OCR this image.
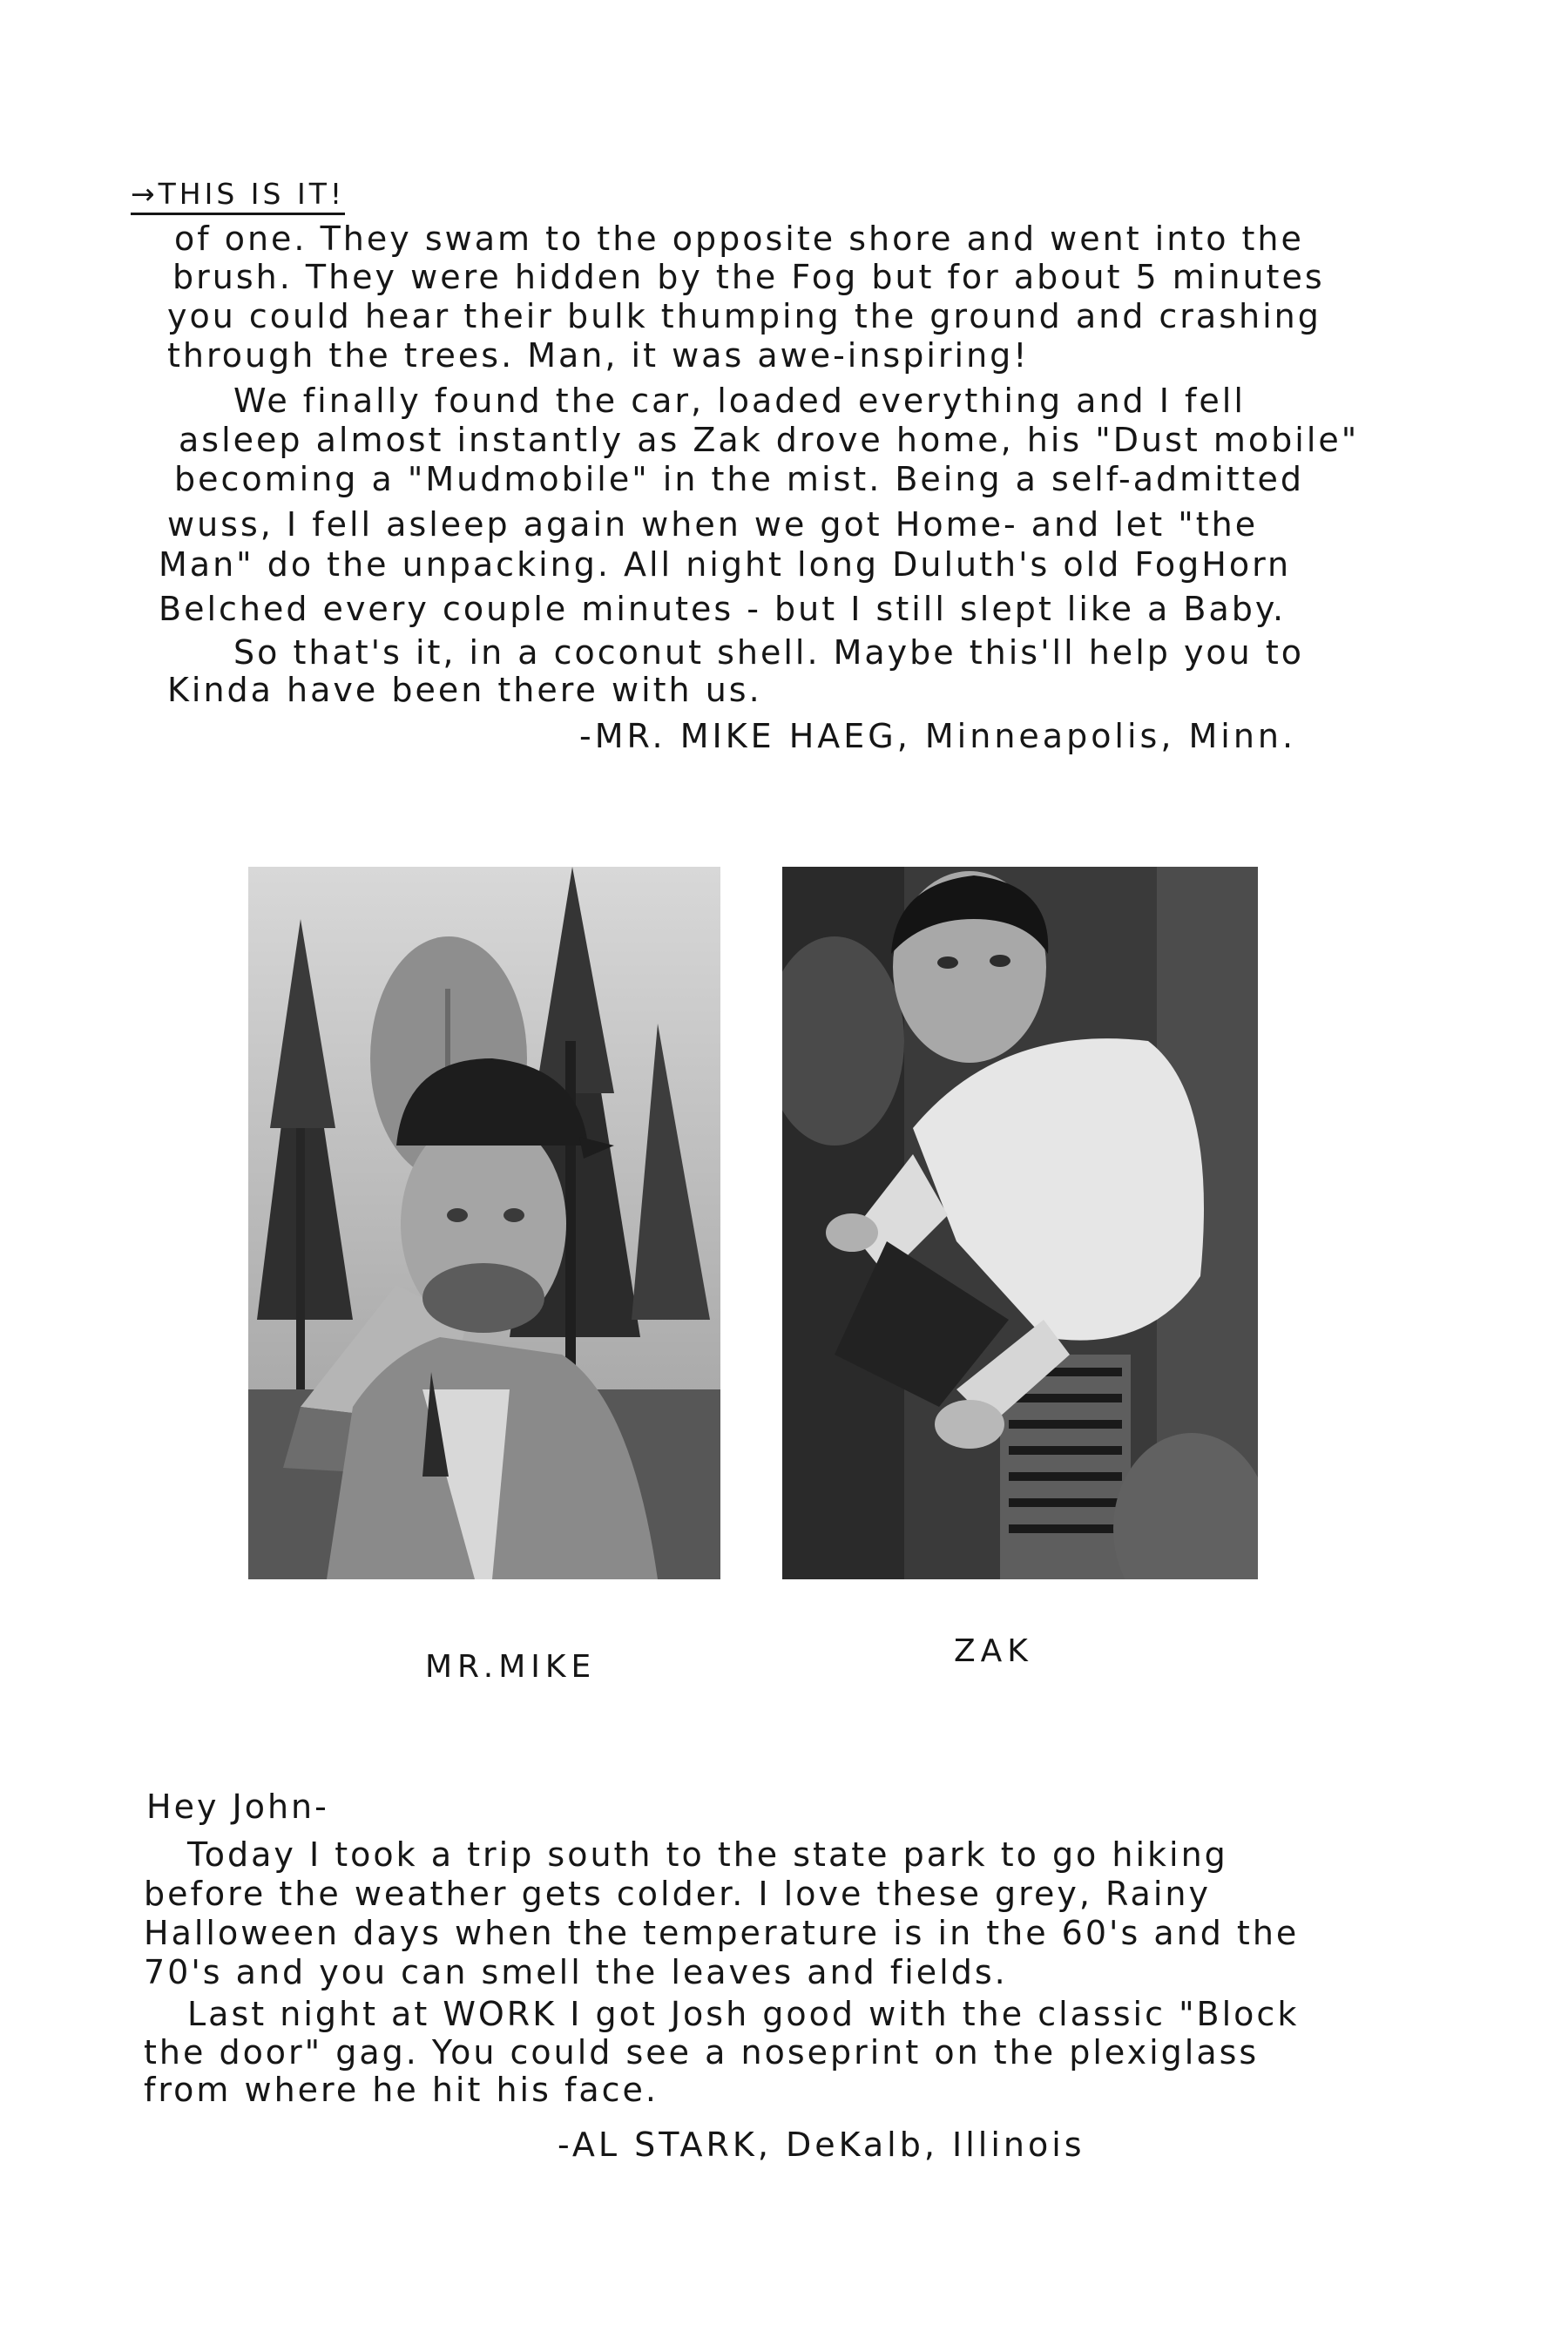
→THIS IS IT!
of one. They swam to the opposite shore and went into the
brush. They were hidden by the Fog but for about 5 minutes
you could hear their bulk thumping the ground and crashing
through the trees. Man, it was awe-inspiring!
We finally found the car, loaded everything and I fell
asleep almost instantly as Zak drove home, his "Dust mobile"
becoming a "Mudmobile" in the mist. Being a self-admitted
wuss, I fell asleep again when we got Home- and let "the
Man" do the unpacking. All night long Duluth's old FogHorn
Belched every couple minutes - but I still slept like a Baby.
So that's it, in a coconut shell. Maybe this'll help you to
Kinda have been there with us.
-MR. MIKE HAEG, Minneapolis, Minn.
MR.MIKE	ZAK
Hey John-
Today I took a trip south to the state park to go hiking
before the weather gets colder. I love these grey, Rainy
Halloween days when the temperature is in the 60's and the
70's and you can smell the leaves and fields.
Last night at WORK I got Josh good with the classic "Block
the door" gag. You could see a noseprint on the plexiglass
from where he hit his face.
-AL STARK, DeKalb, Illinois
